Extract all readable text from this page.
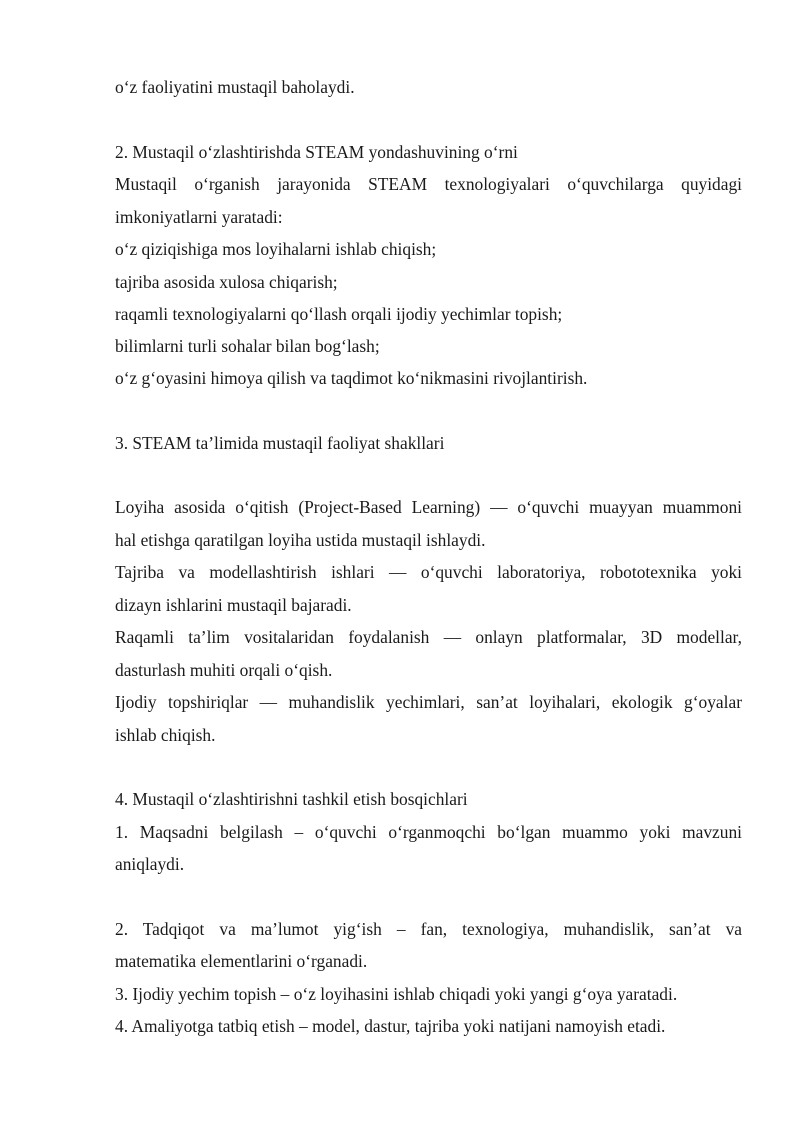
o‘z faoliyatini mustaqil baholaydi.
2. Mustaqil o‘zlashtirishda STEAM yondashuvining o‘rni
Mustaqil o‘rganish jarayonida STEAM texnologiyalari o‘quvchilarga quyidagi
imkoniyatlarni yaratadi:
o‘z qiziqishiga mos loyihalarni ishlab chiqish;
tajriba asosida xulosa chiqarish;
raqamli texnologiyalarni qo‘llash orqali ijodiy yechimlar topish;
bilimlarni turli sohalar bilan bog‘lash;
o‘z g‘oyasini himoya qilish va taqdimot ko‘nikmasini rivojlantirish.
3. STEAM ta’limida mustaqil faoliyat shakllari
Loyiha asosida o‘qitish (Project-Based Learning) — o‘quvchi muayyan muammoni
hal etishga qaratilgan loyiha ustida mustaqil ishlaydi.
Tajriba va modellashtirish ishlari — o‘quvchi laboratoriya, robototexnika yoki
dizayn ishlarini mustaqil bajaradi.
Raqamli ta’lim vositalaridan foydalanish — onlayn platformalar, 3D modellar,
dasturlash muhiti orqali o‘qish.
Ijodiy topshiriqlar — muhandislik yechimlari, san’at loyihalari, ekologik g‘oyalar
ishlab chiqish.
4. Mustaqil o‘zlashtirishni tashkil etish bosqichlari
1. Maqsadni belgilash – o‘quvchi o‘rganmoqchi bo‘lgan muammo yoki mavzuni
aniqlaydi.
2. Tadqiqot va ma’lumot yig‘ish – fan, texnologiya, muhandislik, san’at va
matematika elementlarini o‘rganadi.
3. Ijodiy yechim topish – o‘z loyihasini ishlab chiqadi yoki yangi g‘oya yaratadi.
4. Amaliyotga tatbiq etish – model, dastur, tajriba yoki natijani namoyish etadi.
